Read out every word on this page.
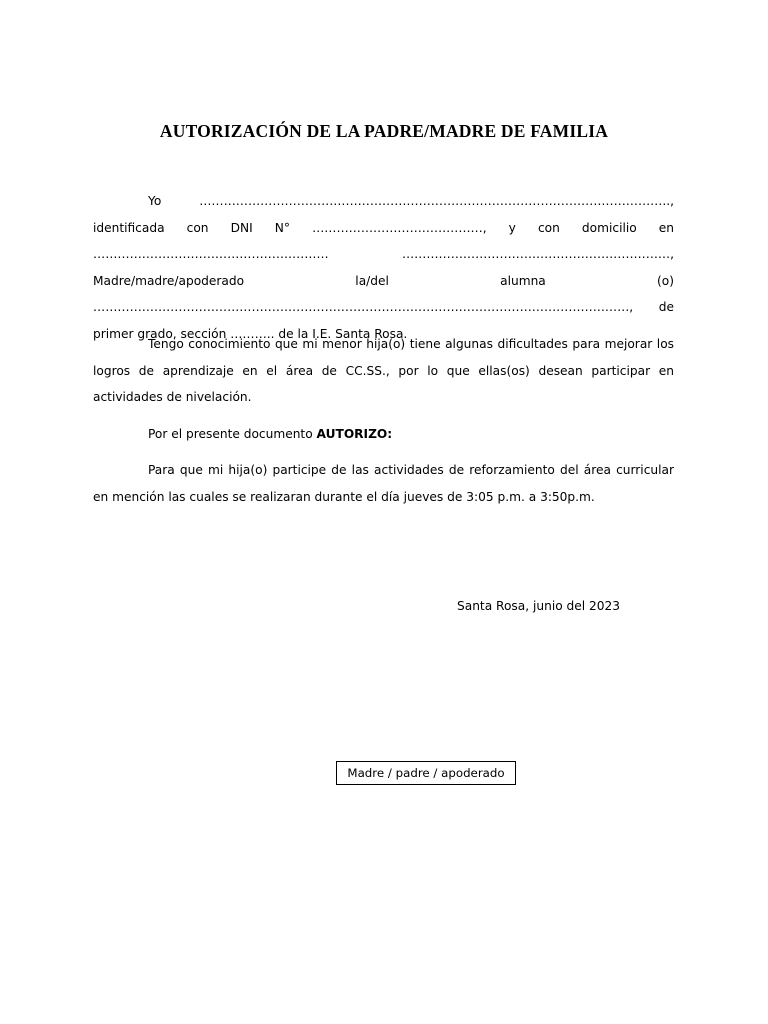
AUTORIZACIÓN DE LA PADRE/MADRE DE FAMILIA

Yo …………………………………………………………………………………………………….., identificada con DNI N° ……………………………………, y con domicilio en …………………………………………………. …………………………………………………………, Madre/madre/apoderado la/del alumna (o) ……………………………………………………………………………………………………………………, de primer grado, sección ……….. de la I.E. Santa Rosa.

Tengo conocimiento que mi menor hija(o) tiene algunas dificultades para mejorar los logros de aprendizaje en el área de CC.SS., por lo que ellas(os) desean participar en actividades de nivelación.

Por el presente documento AUTORIZO:

Para que mi hija(o) participe de las actividades de reforzamiento del área curricular en mención las cuales se realizaran durante el día jueves de 3:05 p.m. a 3:50p.m.

Santa Rosa, junio del 2023

Madre / padre / apoderado
